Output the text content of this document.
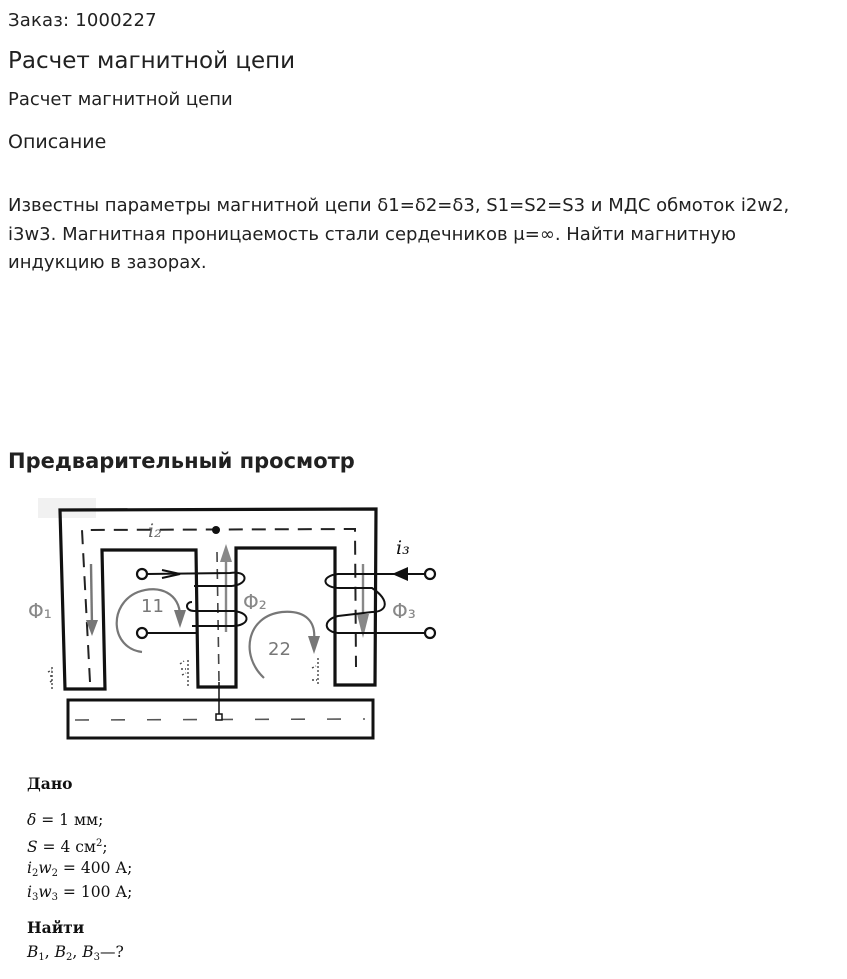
Заказ: 1000227
Расчет магнитной цепи
Расчет магнитной цепи
Описание
Известны параметры магнитной цепи δ1=δ2=δ3, S1=S2=S3 и МДС обмоток i2w2, i3w3. Магнитная проницаемость стали сердечников μ=∞. Найти магнитную индукцию в зазорах.
Предварительный просмотр
i₂
i₃
Φ₁	Φ₂	Φ₃
11
22
Дано
δ = 1 мм;
S = 4 $см^2$;
$i_2w_2 = 400$ А;
$i_3w_3 = 100$ А;
Найти
$B_1$, $B_2$, $B_3—$?
